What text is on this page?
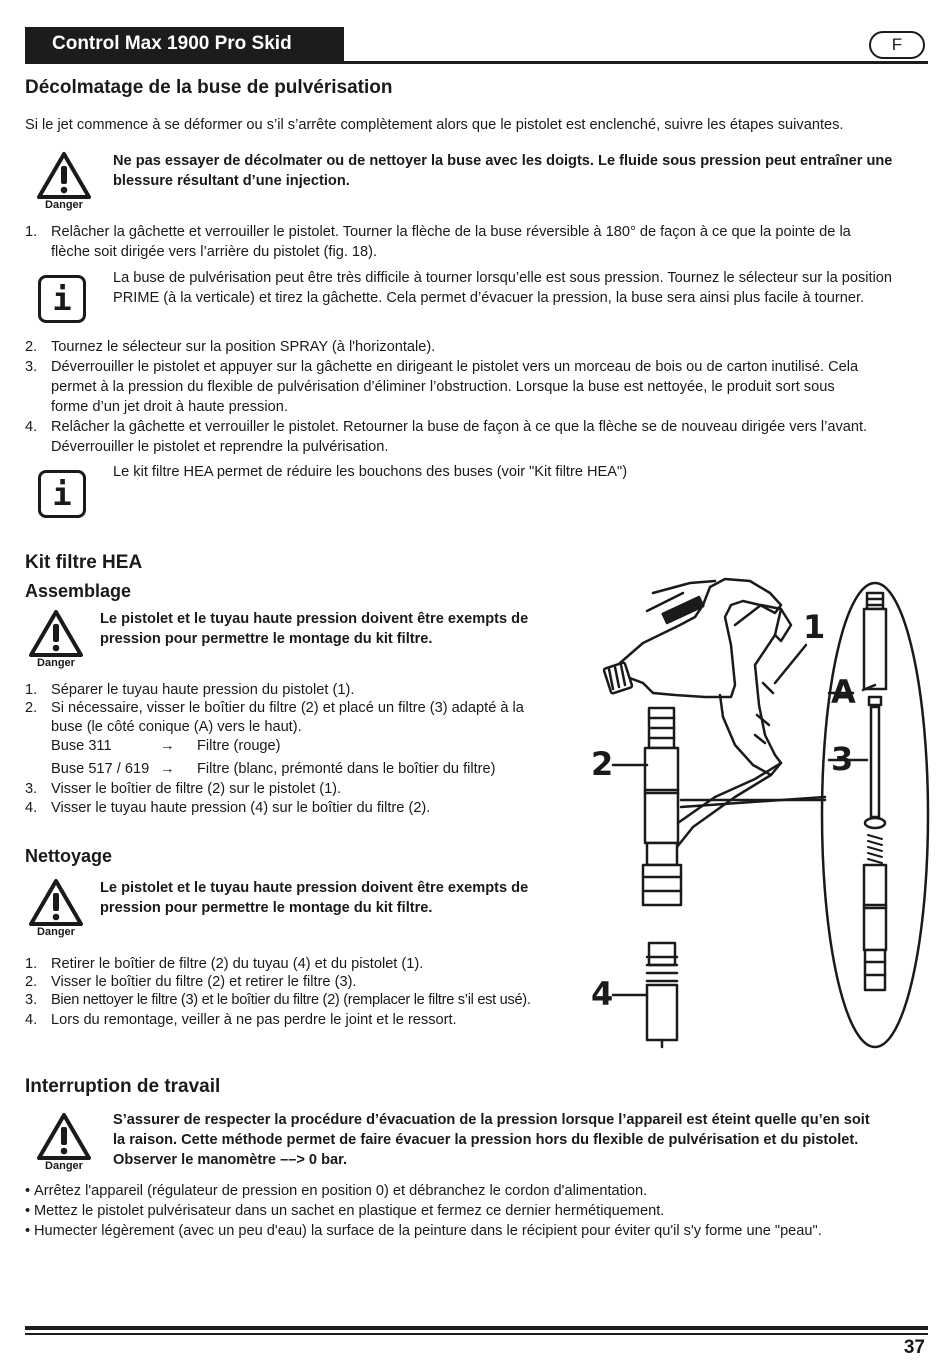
Control Max 1900 Pro Skid	F
Décolmatage de la buse de pulvérisation
Si le jet commence à se déformer ou s’il s’arrête complètement alors que le pistolet est enclenché, suivre les étapes suivantes.
Danger
Ne pas essayer de décolmater ou de nettoyer la buse avec les doigts. Le fluide sous pression peut entraîner une
blessure résultant d’une injection.
1. Relâcher la gâchette et verrouiller le pistolet. Tourner la flèche de la buse réversible à 180° de façon à ce que la pointe de la
flèche soit dirigée vers l’arrière du pistolet (fig. 18).
i
La buse de pulvérisation peut être très difficile à tourner lorsqu’elle est sous pression. Tournez le sélecteur sur la position
PRIME (à la verticale) et tirez la gâchette. Cela permet d’évacuer la pression, la buse sera ainsi plus facile à tourner.
2. Tournez le sélecteur sur la position SPRAY (à l'horizontale).
3. Déverrouiller le pistolet et appuyer sur la gâchette en dirigeant le pistolet vers un morceau de bois ou de carton inutilisé. Cela
permet à la pression du flexible de pulvérisation d’éliminer l’obstruction. Lorsque la buse est nettoyée, le produit sort sous
forme d’un jet droit à haute pression.
4. Relâcher la gâchette et verrouiller le pistolet. Retourner la buse de façon à ce que la flèche se de nouveau dirigée vers l’avant.
Déverrouiller le pistolet et reprendre la pulvérisation.
i
Le kit filtre HEA permet de réduire les bouchons des buses (voir "Kit filtre HEA")
Kit filtre HEA
Assemblage
Danger
Le pistolet et le tuyau haute pression doivent être exempts de
pression pour permettre le montage du kit filtre.
1. Séparer le tuyau haute pression du pistolet (1).
2. Si nécessaire, visser le boîtier du filtre (2) et placé un filtre (3) adapté à la
buse (le côté conique (A) vers le haut).
Buse 311	→ Filtre (rouge)
Buse 517 / 619 → Filtre (blanc, prémonté dans le boîtier du filtre)
3. Visser le boîtier de filtre (2) sur le pistolet (1).
4. Visser le tuyau haute pression (4) sur le boîtier du filtre (2).
Nettoyage
Danger
Le pistolet et le tuyau haute pression doivent être exempts de
pression pour permettre le montage du kit filtre.
1. Retirer le boîtier de filtre (2) du tuyau (4) et du pistolet (1).
2. Visser le boîtier du filtre (2) et retirer le filtre (3).
3. Bien nettoyer le filtre (3) et le boîtier du filtre (2) (remplacer le filtre s’il est usé).
4. Lors du remontage, veiller à ne pas perdre le joint et le ressort.
2
4
1
A
3
Interruption de travail
Danger
S’assurer de respecter la procédure d’évacuation de la pression lorsque l’appareil est éteint quelle qu’en soit
la raison. Cette méthode permet de faire évacuer la pression hors du flexible de pulvérisation et du pistolet.
Observer le manomètre ––> 0 bar.
• Arrêtez l'appareil (régulateur de pression en position 0) et débranchez le cordon d'alimentation.
• Mettez le pistolet pulvérisateur dans un sachet en plastique et fermez ce dernier hermétiquement.
• Humecter légèrement (avec un peu d'eau) la surface de la peinture dans le récipient pour éviter qu'il s'y forme une "peau".
37
